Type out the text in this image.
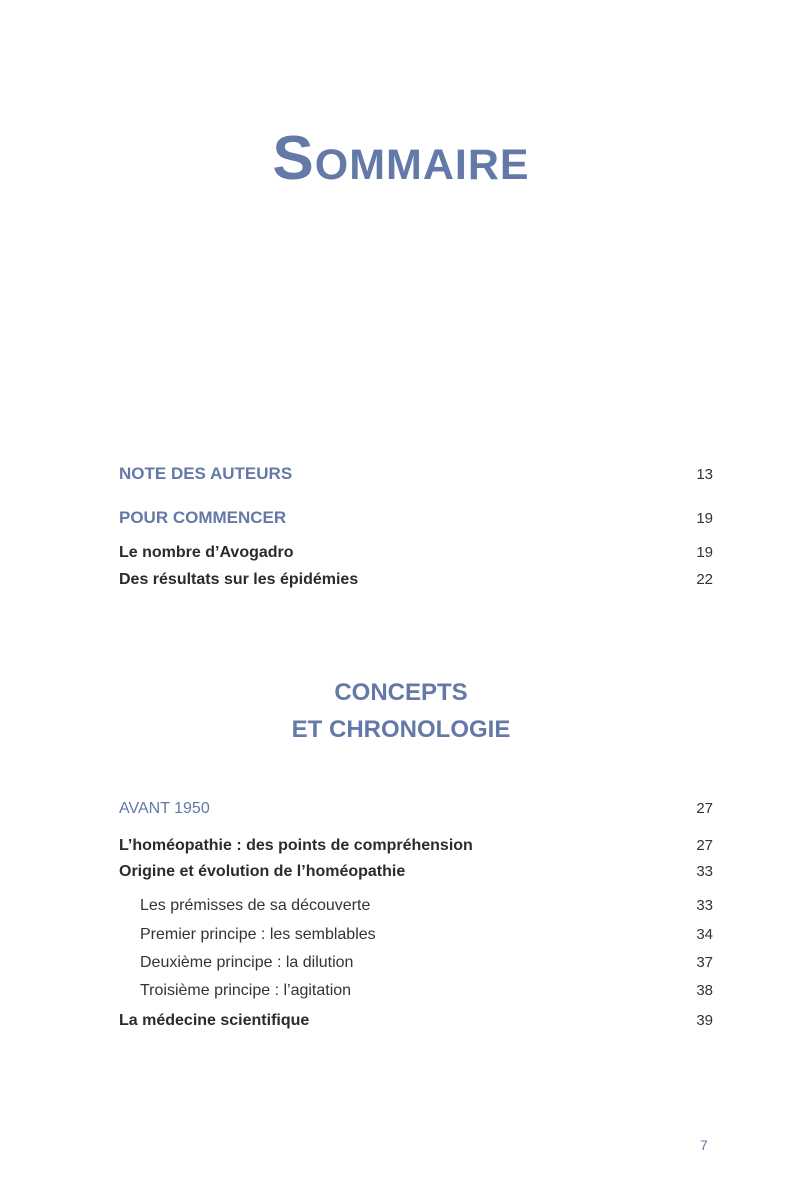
Sommaire
NOTE DES AUTEURS	13
POUR COMMENCER	19
Le nombre d’Avogadro	19
Des résultats sur les épidémies	22
CONCEPTS
ET CHRONOLOGIE
AVANT 1950	27
L’homéopathie : des points de compréhension	27
Origine et évolution de l’homéopathie	33
Les prémisses de sa découverte	33
Premier principe : les semblables	34
Deuxième principe : la dilution	37
Troisième principe : l’agitation	38
La médecine scientifique	39
7
